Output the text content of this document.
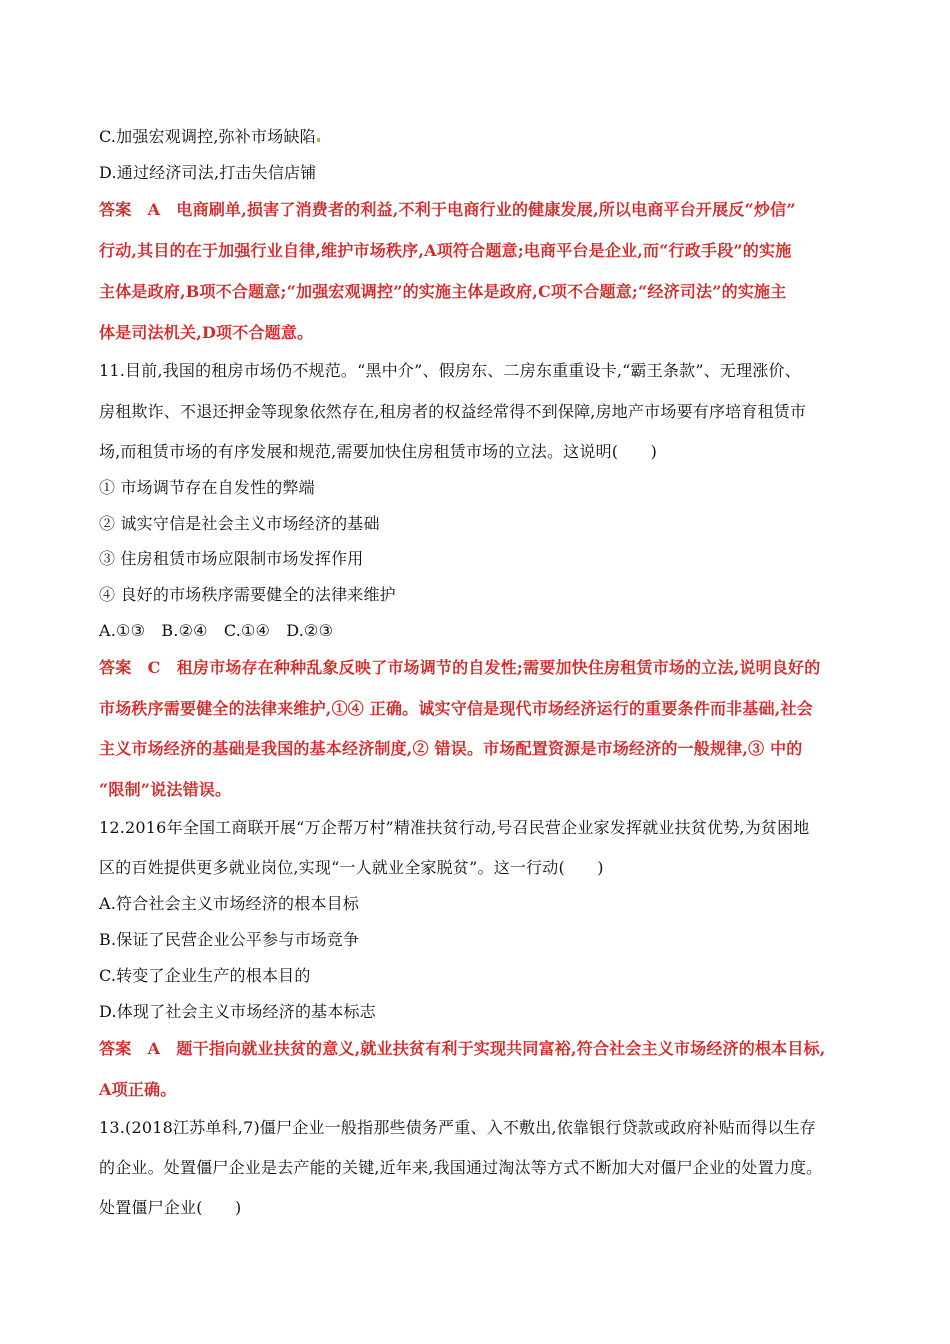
C.加强宏观调控,弥补市场缺陷
D.通过经济司法,打击失信店铺
答案　A　电商刷单,损害了消费者的利益,不利于电商行业的健康发展,所以电商平台开展反“炒信”
行动,其目的在于加强行业自律,维护市场秩序,A项符合题意;电商平台是企业,而“行政手段”的实施
主体是政府,B项不合题意;“加强宏观调控”的实施主体是政府,C项不合题意;“经济司法”的实施主
体是司法机关,D项不合题意。
11.目前,我国的租房市场仍不规范。“黑中介”、假房东、二房东重重设卡,“霸王条款”、无理涨价、
房租欺诈、不退还押金等现象依然存在,租房者的权益经常得不到保障,房地产市场要有序培育租赁市
场,而租赁市场的有序发展和规范,需要加快住房租赁市场的立法。这说明(　　)
① 市场调节存在自发性的弊端
② 诚实守信是社会主义市场经济的基础
③ 住房租赁市场应限制市场发挥作用
④ 良好的市场秩序需要健全的法律来维护
A.①③　B.②④　C.①④　D.②③
答案　C　租房市场存在种种乱象反映了市场调节的自发性;需要加快住房租赁市场的立法,说明良好的
市场秩序需要健全的法律来维护,①④ 正确。诚实守信是现代市场经济运行的重要条件而非基础,社会
主义市场经济的基础是我国的基本经济制度,② 错误。市场配置资源是市场经济的一般规律,③ 中的
“限制”说法错误。
12.2016年全国工商联开展“万企帮万村”精准扶贫行动,号召民营企业家发挥就业扶贫优势,为贫困地
区的百姓提供更多就业岗位,实现“一人就业全家脱贫”。这一行动(　　)
A.符合社会主义市场经济的根本目标
B.保证了民营企业公平参与市场竞争
C.转变了企业生产的根本目的
D.体现了社会主义市场经济的基本标志
答案　A　题干指向就业扶贫的意义,就业扶贫有利于实现共同富裕,符合社会主义市场经济的根本目标,
A项正确。
13.(2018江苏单科,7)僵尸企业一般指那些债务严重、入不敷出,依靠银行贷款或政府补贴而得以生存
的企业。处置僵尸企业是去产能的关键,近年来,我国通过淘汰等方式不断加大对僵尸企业的处置力度。
处置僵尸企业(　　)
